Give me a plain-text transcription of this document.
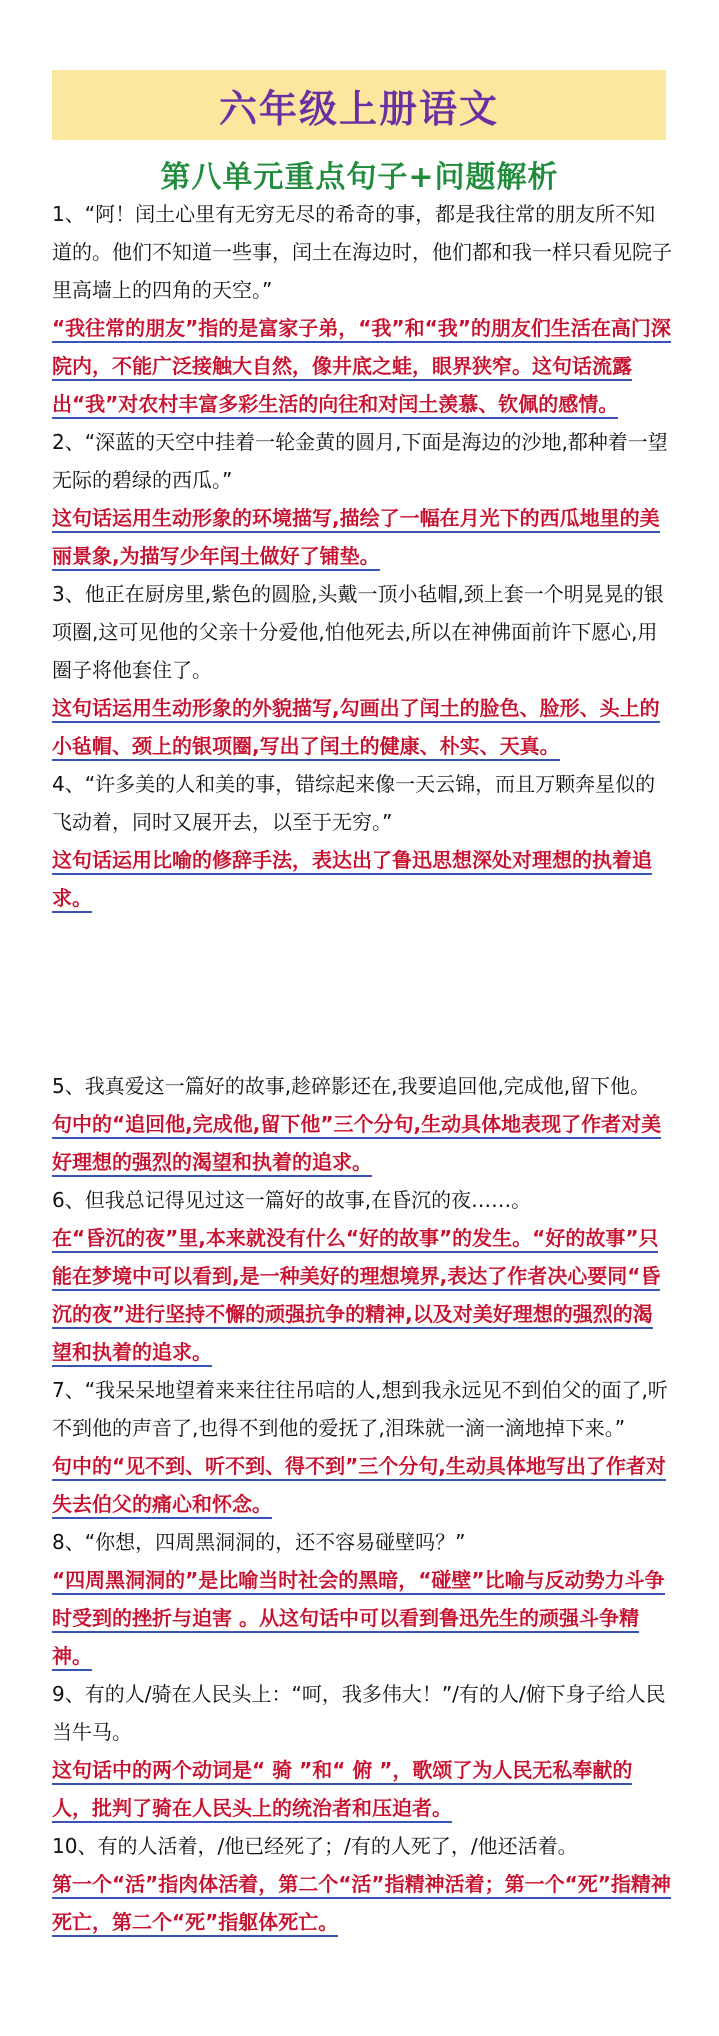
六年级上册语文
第八单元重点句子+问题解析

1、“阿！闰土心里有无穷无尽的希奇的事，都是我往常的朋友所不知道的。他们不知道一些事，闰土在海边时，他们都和我一样只看见院子里高墙上的四角的天空。”

“我往常的朋友”指的是富家子弟，“我”和“我”的朋友们生活在高门深院内，不能广泛接触大自然，像井底之蛙，眼界狭窄。这句话流露出“我”对农村丰富多彩生活的向往和对闰土羡慕、钦佩的感情。

2、“深蓝的天空中挂着一轮金黄的圆月,下面是海边的沙地,都种着一望无际的碧绿的西瓜。”

这句话运用生动形象的环境描写,描绘了一幅在月光下的西瓜地里的美丽景象,为描写少年闰土做好了铺垫。

3、他正在厨房里,紫色的圆脸,头戴一顶小毡帽,颈上套一个明晃晃的银项圈,这可见他的父亲十分爱他,怕他死去,所以在神佛面前许下愿心,用圈子将他套住了。

这句话运用生动形象的外貌描写,勾画出了闰土的脸色、脸形、头上的小毡帽、颈上的银项圈,写出了闰土的健康、朴实、天真。

4、“许多美的人和美的事，错综起来像一天云锦，而且万颗奔星似的飞动着，同时又展开去，以至于无穷。”

这句话运用比喻的修辞手法，表达出了鲁迅思想深处对理想的执着追求。

5、我真爱这一篇好的故事,趁碎影还在,我要追回他,完成他,留下他。

句中的“追回他,完成他,留下他”三个分句,生动具体地表现了作者对美好理想的强烈的渴望和执着的追求。

6、但我总记得见过这一篇好的故事,在昏沉的夜……。

在“昏沉的夜”里,本来就没有什么“好的故事”的发生。“好的故事”只能在梦境中可以看到,是一种美好的理想境界,表达了作者决心要同“昏沉的夜”进行坚持不懈的顽强抗争的精神,以及对美好理想的强烈的渴望和执着的追求。

7、“我呆呆地望着来来往往吊唁的人,想到我永远见不到伯父的面了,听不到他的声音了,也得不到他的爱抚了,泪珠就一滴一滴地掉下来。”

句中的“见不到、听不到、得不到”三个分句,生动具体地写出了作者对失去伯父的痛心和怀念。

8、“你想，四周黑洞洞的，还不容易碰壁吗？”

“四周黑洞洞的”是比喻当时社会的黑暗，“碰壁”比喻与反动势力斗争时受到的挫折与迫害 。从这句话中可以看到鲁迅先生的顽强斗争精神。

9、有的人/骑在人民头上：“呵，我多伟大！”/有的人/俯下身子给人民当牛马。

这句话中的两个动词是“ 骑 ”和“ 俯 ”，歌颂了为人民无私奉献的人，批判了骑在人民头上的统治者和压迫者。

10、有的人活着，/他已经死了；/有的人死了，/他还活着。

第一个“活”指肉体活着，第二个“活”指精神活着；第一个“死”指精神死亡，第二个“死”指躯体死亡。
